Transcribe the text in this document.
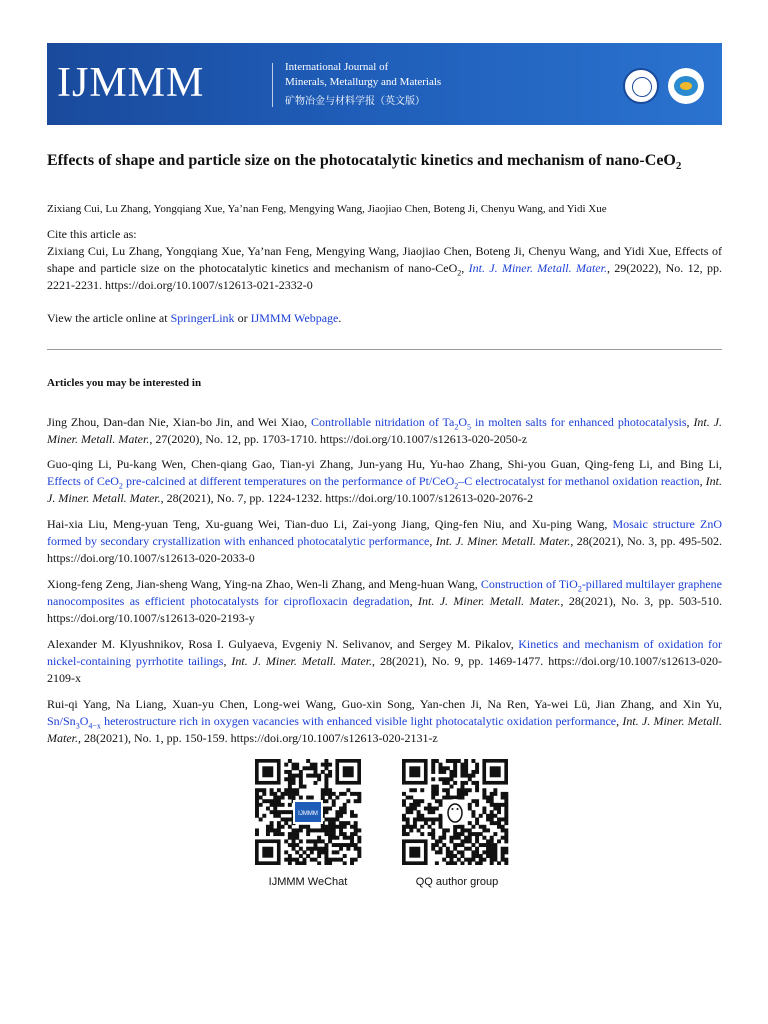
IJMMM	International Journal of
Minerals, Metallurgy and Materials
矿物冶金与材料学报（英文版）
Effects of shape and particle size on the photocatalytic kinetics and mechanism of nano-CeO$_2$
Zixiang Cui, Lu Zhang, Yongqiang Xue, Ya’nan Feng, Mengying Wang, Jiaojiao Chen, Boteng Ji, Chenyu Wang, and Yidi Xue
Cite this article as:
Zixiang Cui, Lu Zhang, Yongqiang Xue, Ya’nan Feng, Mengying Wang, Jiaojiao Chen, Boteng Ji, Chenyu Wang, and Yidi Xue, Effects of shape and particle size on the photocatalytic kinetics and mechanism of nano-CeO$_2$, Int. J. Miner. Metall. Mater., 29(2022), No. 12, pp. 2221-2231. https://doi.org/10.1007/s12613-021-2332-0
View the article online at SpringerLink or IJMMM Webpage.
Articles you may be interested in
Jing Zhou, Dan-dan Nie, Xian-bo Jin, and Wei Xiao, Controllable nitridation of $Ta_2O_5$ in molten salts for enhanced photocatalysis, Int. J. Miner. Metall. Mater., 27(2020), No. 12, pp. 1703-1710. https://doi.org/10.1007/s12613-020-2050-z
Guo-qing Li, Pu-kang Wen, Chen-qiang Gao, Tian-yi Zhang, Jun-yang Hu, Yu-hao Zhang, Shi-you Guan, Qing-feng Li, and Bing Li, Effects of CeO$_2$ pre-calcined at different temperatures on the performance of Pt/CeO$_2$–C electrocatalyst for methanol oxidation reaction, Int. J. Miner. Metall. Mater., 28(2021), No. 7, pp. 1224-1232. https://doi.org/10.1007/s12613-020-2076-2
Hai-xia Liu, Meng-yuan Teng, Xu-guang Wei, Tian-duo Li, Zai-yong Jiang, Qing-fen Niu, and Xu-ping Wang, Mosaic structure ZnO formed by secondary crystallization with enhanced photocatalytic performance, Int. J. Miner. Metall. Mater., 28(2021), No. 3, pp. 495-502. https://doi.org/10.1007/s12613-020-2033-0
Xiong-feng Zeng, Jian-sheng Wang, Ying-na Zhao, Wen-li Zhang, and Meng-huan Wang, Construction of TiO$_2$-pillared multilayer graphene nanocomposites as efficient photocatalysts for ciprofloxacin degradation, Int. J. Miner. Metall. Mater., 28(2021), No. 3, pp. 503-510. https://doi.org/10.1007/s12613-020-2193-y
Alexander M. Klyushnikov, Rosa I. Gulyaeva, Evgeniy N. Selivanov, and Sergey M. Pikalov, Kinetics and mechanism of oxidation for nickel-containing pyrrhotite tailings, Int. J. Miner. Metall. Mater., 28(2021), No. 9, pp. 1469-1477. https://doi.org/10.1007/s12613-020-2109-x
Rui-qi Yang, Na Liang, Xuan-yu Chen, Long-wei Wang, Guo-xin Song, Yan-chen Ji, Na Ren, Ya-wei Lü, Jian Zhang, and Xin Yu, $Sn/Sn_3O_{4-x}$ heterostructure rich in oxygen vacancies with enhanced visible light photocatalytic oxidation performance, Int. J. Miner. Metall. Mater., 28(2021), No. 1, pp. 150-159. https://doi.org/10.1007/s12613-020-2131-z
IJMMM
IJMMM WeChat	QQ author group
